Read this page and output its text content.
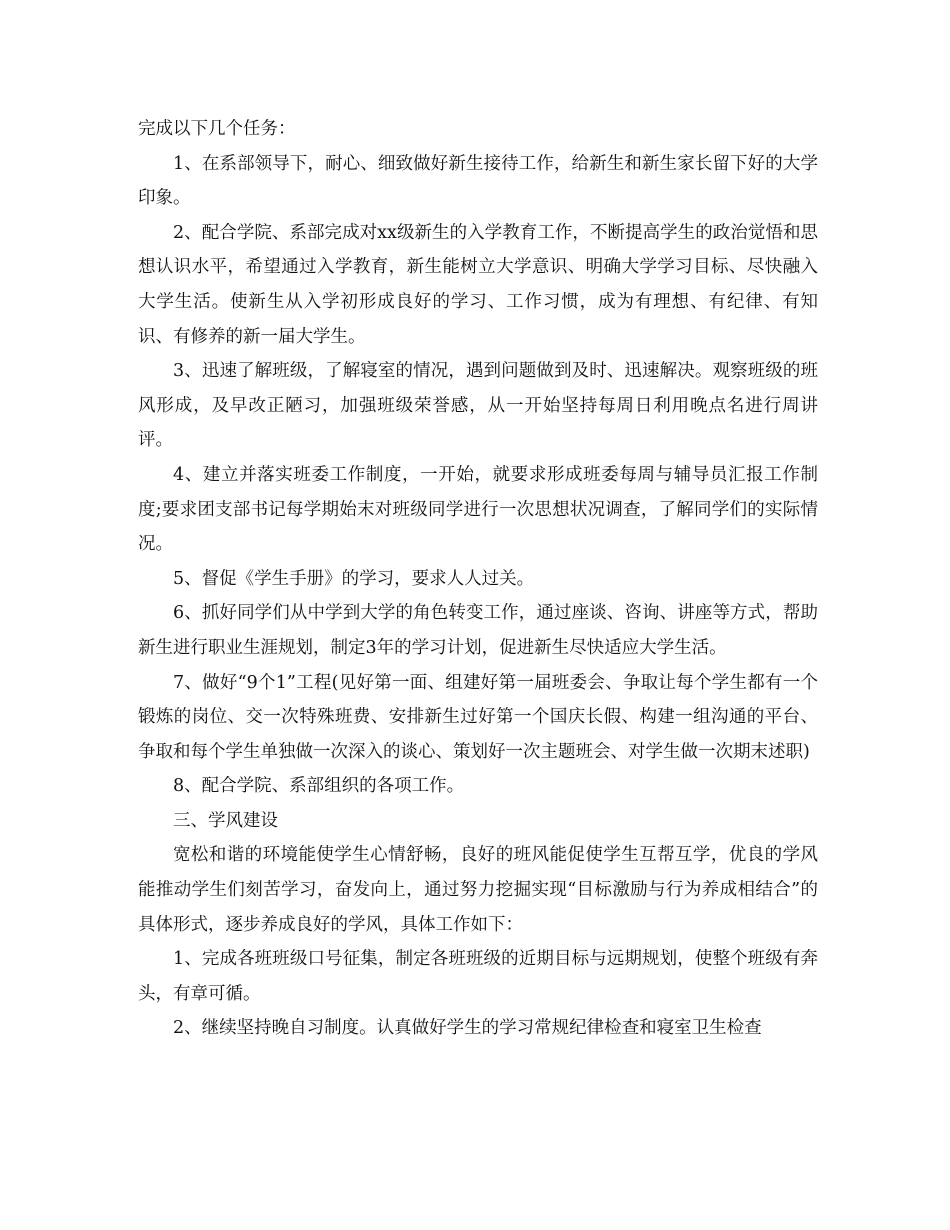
完成以下几个任务：

1、在系部领导下，耐心、细致做好新生接待工作，给新生和新生家长留下好的大学印象。

2、配合学院、系部完成对xx级新生的入学教育工作，不断提高学生的政治觉悟和思想认识水平，希望通过入学教育，新生能树立大学意识、明确大学学习目标、尽快融入大学生活。使新生从入学初形成良好的学习、工作习惯，成为有理想、有纪律、有知识、有修养的新一届大学生。

3、迅速了解班级，了解寝室的情况，遇到问题做到及时、迅速解决。观察班级的班风形成，及早改正陋习，加强班级荣誉感，从一开始坚持每周日利用晚点名进行周讲评。

4、建立并落实班委工作制度，一开始，就要求形成班委每周与辅导员汇报工作制度;要求团支部书记每学期始末对班级同学进行一次思想状况调查，了解同学们的实际情况。

5、督促《学生手册》的学习，要求人人过关。

6、抓好同学们从中学到大学的角色转变工作，通过座谈、咨询、讲座等方式，帮助新生进行职业生涯规划，制定3年的学习计划，促进新生尽快适应大学生活。

7、做好“9个1”工程(见好第一面、组建好第一届班委会、争取让每个学生都有一个锻炼的岗位、交一次特殊班费、安排新生过好第一个国庆长假、构建一组沟通的平台、争取和每个学生单独做一次深入的谈心、策划好一次主题班会、对学生做一次期末述职)

8、配合学院、系部组织的各项工作。

三、学风建设

宽松和谐的环境能使学生心情舒畅，良好的班风能促使学生互帮互学，优良的学风能推动学生们刻苦学习，奋发向上，通过努力挖掘实现“目标激励与行为养成相结合”的具体形式，逐步养成良好的学风，具体工作如下：

1、完成各班班级口号征集，制定各班班级的近期目标与远期规划，使整个班级有奔头，有章可循。

2、继续坚持晚自习制度。认真做好学生的学习常规纪律检查和寝室卫生检查
